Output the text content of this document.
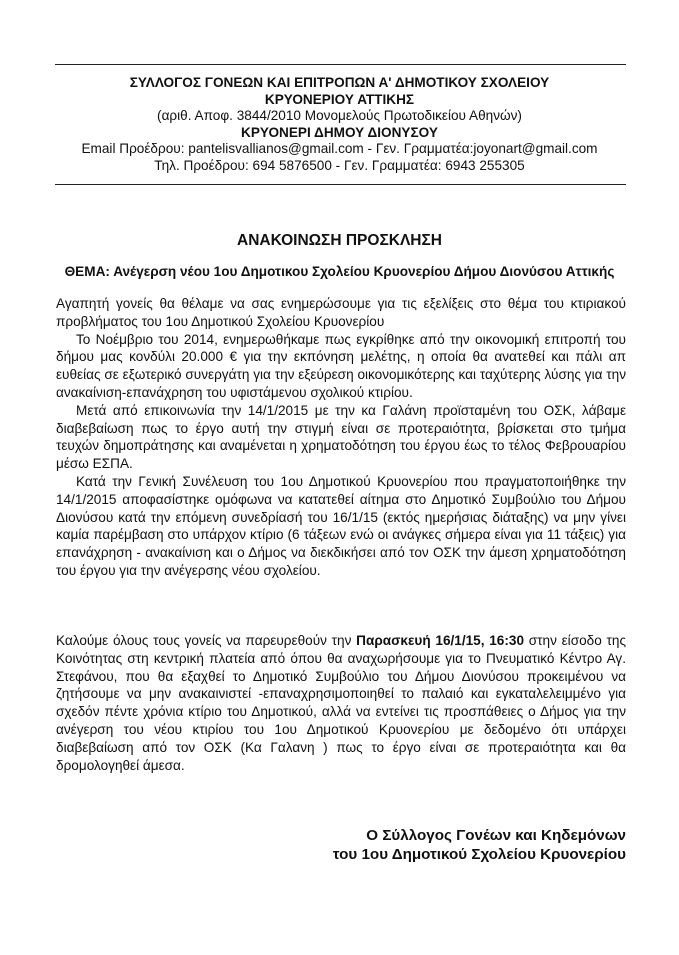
ΣΥΛΛΟΓΟΣ ΓΟΝΕΩΝ ΚΑΙ ΕΠΙΤΡΟΠΩΝ Α' ΔΗΜΟΤΙΚΟΥ ΣΧΟΛΕΙΟΥ
ΚΡΥΟΝΕΡΙΟΥ ΑΤΤΙΚΗΣ
(αριθ. Αποφ. 3844/2010 Μονομελούς Πρωτοδικείου Αθηνών)
ΚΡΥΟΝΕΡΙ ΔΗΜΟΥ ΔΙΟΝΥΣΟΥ
Email Προέδρου: pantelisvallianos@gmail.com - Γεν. Γραμματέα:joyonart@gmail.com
Τηλ. Προέδρου: 694 5876500 - Γεν. Γραμματέα: 6943 255305
ΑΝΑΚΟΙΝΩΣΗ ΠΡΟΣΚΛΗΣΗ
ΘΕΜΑ: Ανέγερση νέου 1ου Δημοτικου Σχολείου Κρυονερίου Δήμου Διονύσου Αττικής

Αγαπητή γονείς θα θέλαμε να σας ενημερώσουμε για τις εξελίξεις στο θέμα του κτιριακού προβλήματος του 1ου Δημοτικού Σχολείου Κρυονερίου

Το Νοέμβριο του 2014, ενημερωθήκαμε πως εγκρίθηκε από την οικονομική επιτροπή του δήμου μας κονδύλι 20.000 € για την εκπόνηση μελέτης, η οποία θα ανατεθεί και πάλι απ ευθείας σε εξωτερικό συνεργάτη για την εξεύρεση οικονομικότερης και ταχύτερης λύσης για την ανακαίνιση-επανάχρηση του υφιστάμενου σχολικού κτιρίου.

Μετά από επικοινωνία την 14/1/2015 με την κα Γαλάνη προϊσταμένη του ΟΣΚ, λάβαμε διαβεβαίωση πως το έργο αυτή την στιγμή είναι σε προτεραιότητα, βρίσκεται στο τμήμα τευχών δημοπράτησης και αναμένεται η χρηματοδότηση του έργου έως το τέλος Φεβρουαρίου μέσω ΕΣΠΑ.

Κατά την Γενική Συνέλευση του 1ου Δημοτικού Κρυονερίου που πραγματοποιήθηκε την 14/1/2015 αποφασίστηκε ομόφωνα να κατατεθεί αίτημα στο Δημοτικό Συμβούλιο του Δήμου Διονύσου κατά την επόμενη συνεδρίασή του 16/1/15 (εκτός ημερήσιας διάταξης) να μην γίνει καμία παρέμβαση στο υπάρχον κτίριο (6 τάξεων ενώ οι ανάγκες σήμερα είναι για 11 τάξεις) για επανάχρηση - ανακαίνιση και ο Δήμος να διεκδικήσει από τον ΟΣΚ την άμεση χρηματοδότηση του έργου για την ανέγερσης νέου σχολείου.

Καλούμε όλους τους γονείς να παρευρεθούν την Παρασκευή 16/1/15, 16:30 στην είσοδο της Κοινότητας στη κεντρική πλατεία από όπου θα αναχωρήσουμε για το Πνευματικό Κέντρο Αγ. Στεφάνου, που θα εξαχθεί το Δημοτικό Συμβούλιο του Δήμου Διονύσου προκειμένου να ζητήσουμε να μην ανακαινιστεί -επαναχρησιμοποιηθεί το παλαιό και εγκαταλελειμμένο για σχεδόν πέντε χρόνια κτίριο του Δημοτικού, αλλά να εντείνει τις προσπάθειες ο Δήμος για την ανέγερση του νέου κτιρίου του 1ου Δημοτικού Κρυονερίου με δεδομένο ότι υπάρχει διαβεβαίωση από τον ΟΣΚ (Κα Γαλανη ) πως το έργο είναι σε προτεραιότητα και θα δρομολογηθεί άμεσα.

Ο Σύλλογος Γονέων και Κηδεμόνων
του 1ου Δημοτικού Σχολείου Κρυονερίου
